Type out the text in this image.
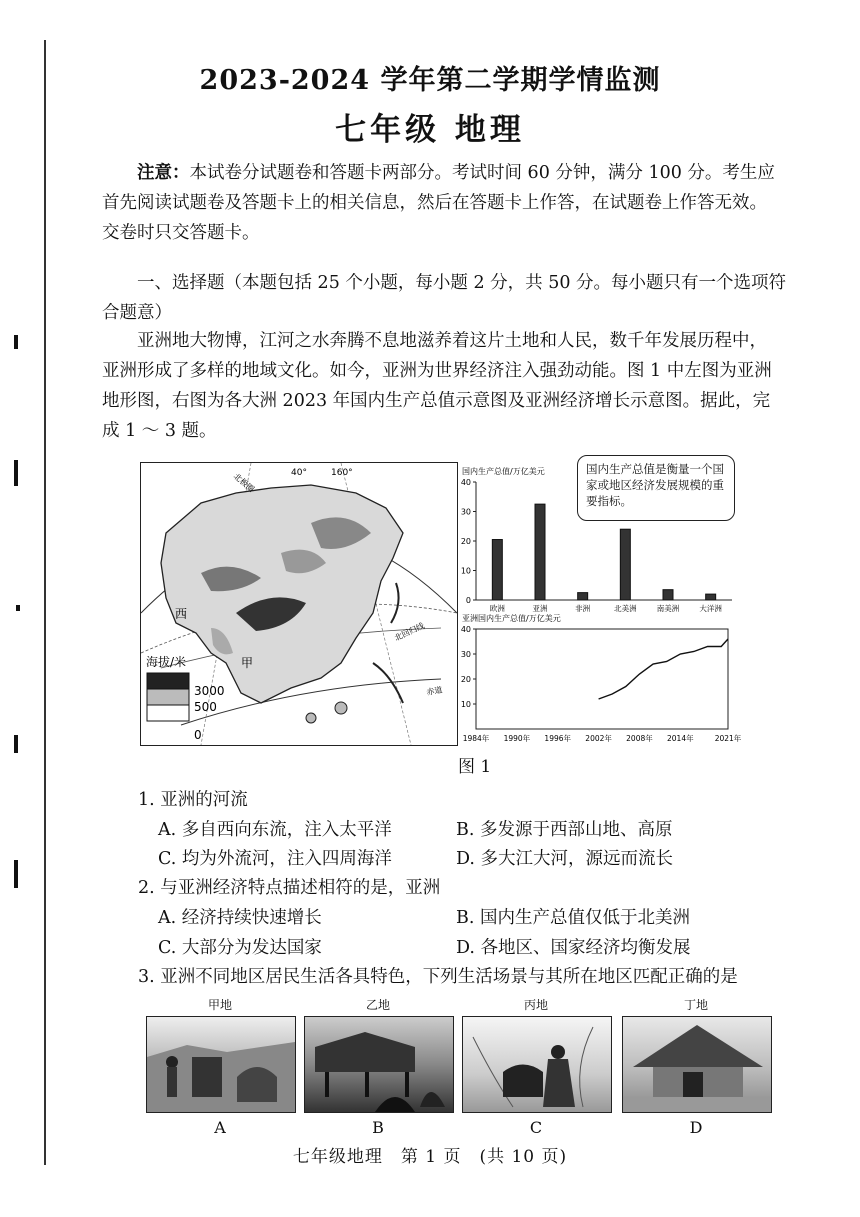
2023-2024 学年第二学期学情监测
七年级 地理
注意：本试卷分试题卷和答题卡两部分。考试时间 60 分钟，满分 100 分。考生应
首先阅读试题卷及答题卡上的相关信息，然后在答题卡上作答，在试题卷上作答无效。
交卷时只交答题卡。
一、选择题（本题包括 25 个小题，每小题 2 分，共 50 分。每小题只有一个选项符
合题意）
亚洲地大物博，江河之水奔腾不息地滋养着这片土地和人民，数千年发展历程中，
亚洲形成了多样的地域文化。如今，亚洲为世界经济注入强劲动能。图 1 中左图为亚洲
地形图，右图为各大洲 2023 年国内生产总值示意图及亚洲经济增长示意图。据此，完
成 1 ～ 3 题。
海拔/米
3000
500
0
40°	160°
北极圈
北回归线
赤道
西
甲
国内生产总值/万亿美元
0
10
20
30
40
欧洲	亚洲	非洲	北美洲	南美洲	大洋洲
国内生产总值是衡量一个国家或地区经济发展规模的重要指标。
亚洲国内生产总值/万亿美元
10
20
30
40
1984年 1990年 1996年 2002年 2008年 2014年	2021年
图 1
1. 亚洲的河流
A. 多自西向东流，注入太平洋	B. 多发源于西部山地、高原
C. 均为外流河，注入四周海洋	D. 多大江大河，源远而流长
2. 与亚洲经济特点描述相符的是，亚洲
A. 经济持续快速增长	B. 国内生产总值仅低于北美洲
C. 大部分为发达国家	D. 各地区、国家经济均衡发展
3. 亚洲不同地区居民生活各具特色，下列生活场景与其所在地区匹配正确的是
甲地
A
乙地
B
丙地
C
丁地
D
七年级地理　第 1 页　(共 10 页)
